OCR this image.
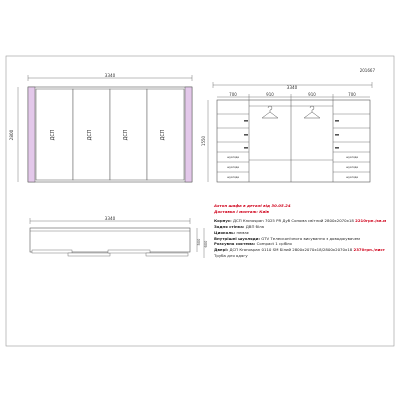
201667
3340
2800	ДСП	ДСП	ДСП	ДСП
3340
700	910	910	700
шухляда
шухляда
шухляда
шухляда
шухляда
шухляда
1550
3340
500 600
Ахтон шафа в деталі від 30.05.24
Доставка і монтаж: Київ
Корпус: ДСП Кronospan 7025 PR Дуб Сонома світлий 2800x2070x18 2210грн./кв.м
Задня стінка: ДВП біла
Циоколь: немає
Внутрішні шухляди: GTV Телескопічного висування з доводжувачем
Розсувна система: Compact 1 срібло
Двері: ДСП Кronospan 0110 SM Білий 2800x2070x18/2800x2070x18 2370грн./лист
Труба для одягу
